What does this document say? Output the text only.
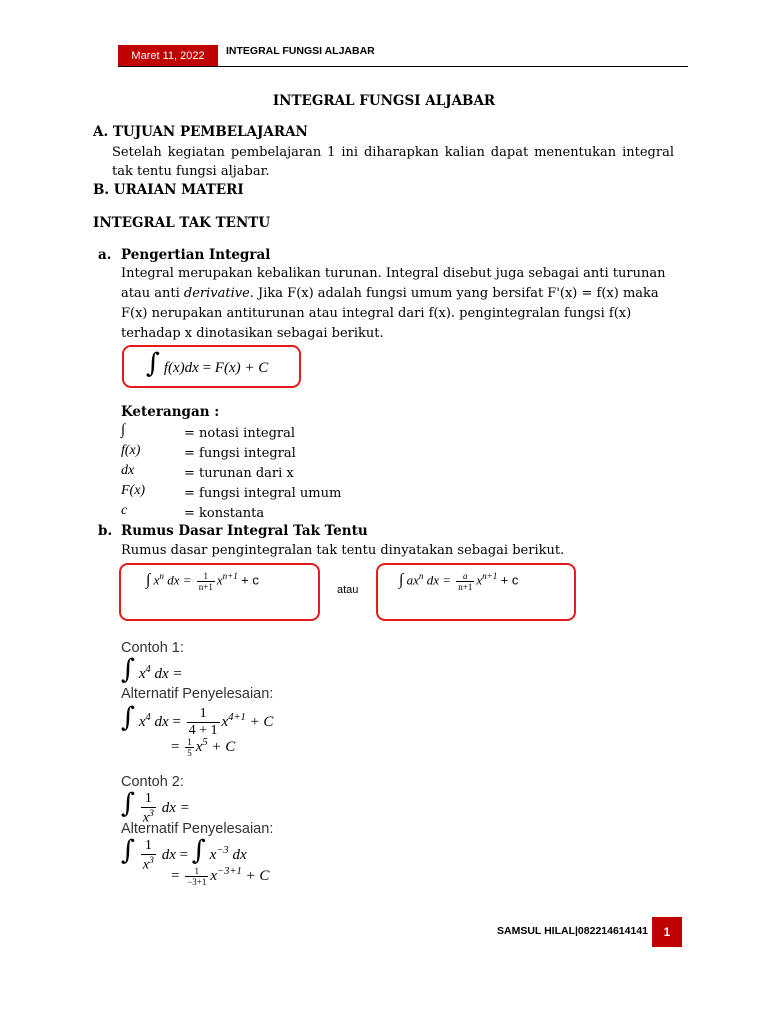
Maret 11, 2022	INTEGRAL FUNGSI ALJABAR
INTEGRAL FUNGSI ALJABAR
A. TUJUAN PEMBELAJARAN
Setelah kegiatan pembelajaran 1 ini diharapkan kalian dapat menentukan integral
tak tentu fungsi aljabar.
B. URAIAN MATERI
INTEGRAL TAK TENTU
a. Pengertian Integral
Integral merupakan kebalikan turunan. Integral disebut juga sebagai anti turunan
atau anti derivative. Jika F(x) adalah fungsi umum yang bersifat F'(x) = f(x) maka
F(x) nerupakan antiturunan atau integral dari f(x). pengintegralan fungsi f(x)
terhadap x dinotasikan sebagai berikut.
∫ f(x)dx = F(x) + C
Keterangan :
∫	= notasi integral
f(x)	= fungsi integral
dx	= turunan dari x
F(x)	= fungsi integral umum
c	= konstanta
b. Rumus Dasar Integral Tak Tentu
Rumus dasar pengintegralan tak tentu dinyatakan sebagai berikut.
∫ $x^n$ dx = $\frac{1}{n+1} x^{n+1} + c$
atau
∫ $ax^n$ dx = $\frac{a}{n+1} x^{n+1} + c$
Contoh 1:
∫ $x^4$ dx =
Alternatif Penyelesaian:
∫ $x^4$ dx = $\frac{1}{4 + 1} x^{4+1} + C$
= $\frac{1}{5} x^5 + C$
Contoh 2:
∫ $\frac{1}{x^3}$ dx =
Alternatif Penyelesaian:
∫ $\frac{1}{x^3}$ dx = ∫ $x^{-3}$ dx
= $\frac{1}{-3+1} x^{-3+1} + C$
SAMSUL HILAL|082214614141	1
